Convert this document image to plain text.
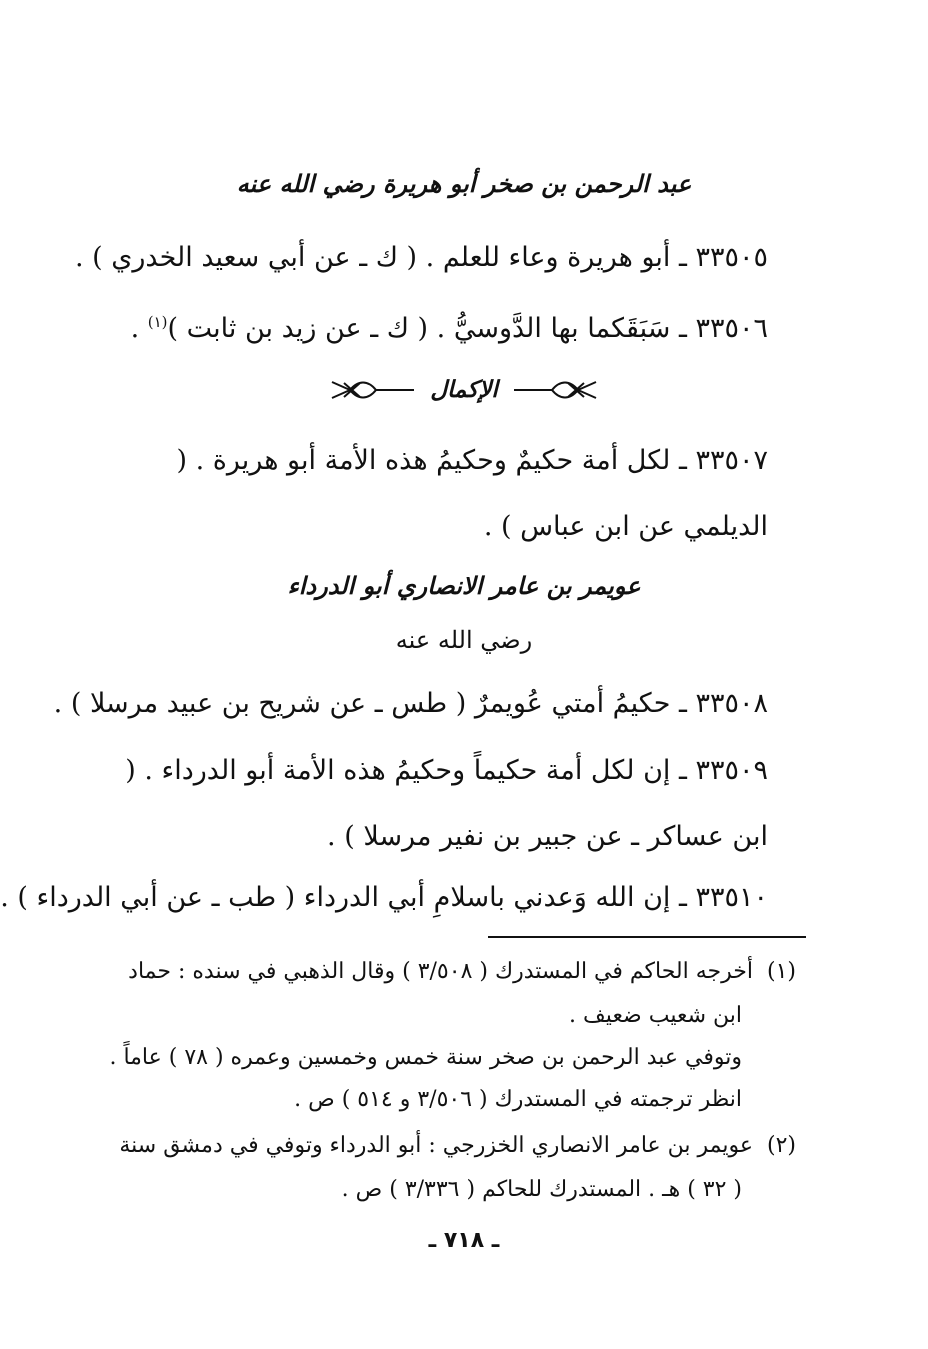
عبد الرحمن بن صخر أبو هريرة رضي الله عنه
٣٣٥٠٥ ـ أبو هريرة وعاء للعلم . ( ك ـ عن أبي سعيد الخدري ) .
٣٣٥٠٦ ـ سَبَقَكما بها الدَّوسيُّ . ( ك ـ عن زيد بن ثابت )$^{(١)}$ .
الإكمال
٣٣٥٠٧ ـ لكل أمة حكيمٌ وحكيمُ هذه الأمة أبو هريرة . ( الديلمي عن ابن عباس ) .
عويمر بن عامر الانصاري أبو الدرداء
رضي الله عنه
٣٣٥٠٨ ـ حكيمُ أمتي عُويمرٌ ( طس ـ عن شريح بن عبيد مرسلا ) .
٣٣٥٠٩ ـ إن لكل أمة حكيماً وحكيمُ هذه الأمة أبو الدرداء . ( ابن عساكر ـ عن جبير بن نفير مرسلا ) .
٣٣٥١٠ ـ إن الله وَعدني باسلامِ أبي الدرداء ( طب ـ عن أبي الدرداء ) .
(١)أخرجه الحاكم في المستدرك ( ٣/٥٠٨ ) وقال الذهبي في سنده : حماد
ابن شعيب ضعيف .
وتوفي عبد الرحمن بن صخر سنة خمس وخمسين وعمره ( ٧٨ ) عاماً .
انظر ترجمته في المستدرك ( ٣/٥٠٦ و ٥١٤ ) ص .
(٢)عويمر بن عامر الانصاري الخزرجي : أبو الدرداء وتوفي في دمشق سنة
( ٣٢ ) هـ . المستدرك للحاكم ( ٣/٣٣٦ ) ص .
ـ ٧١٨ ـ
